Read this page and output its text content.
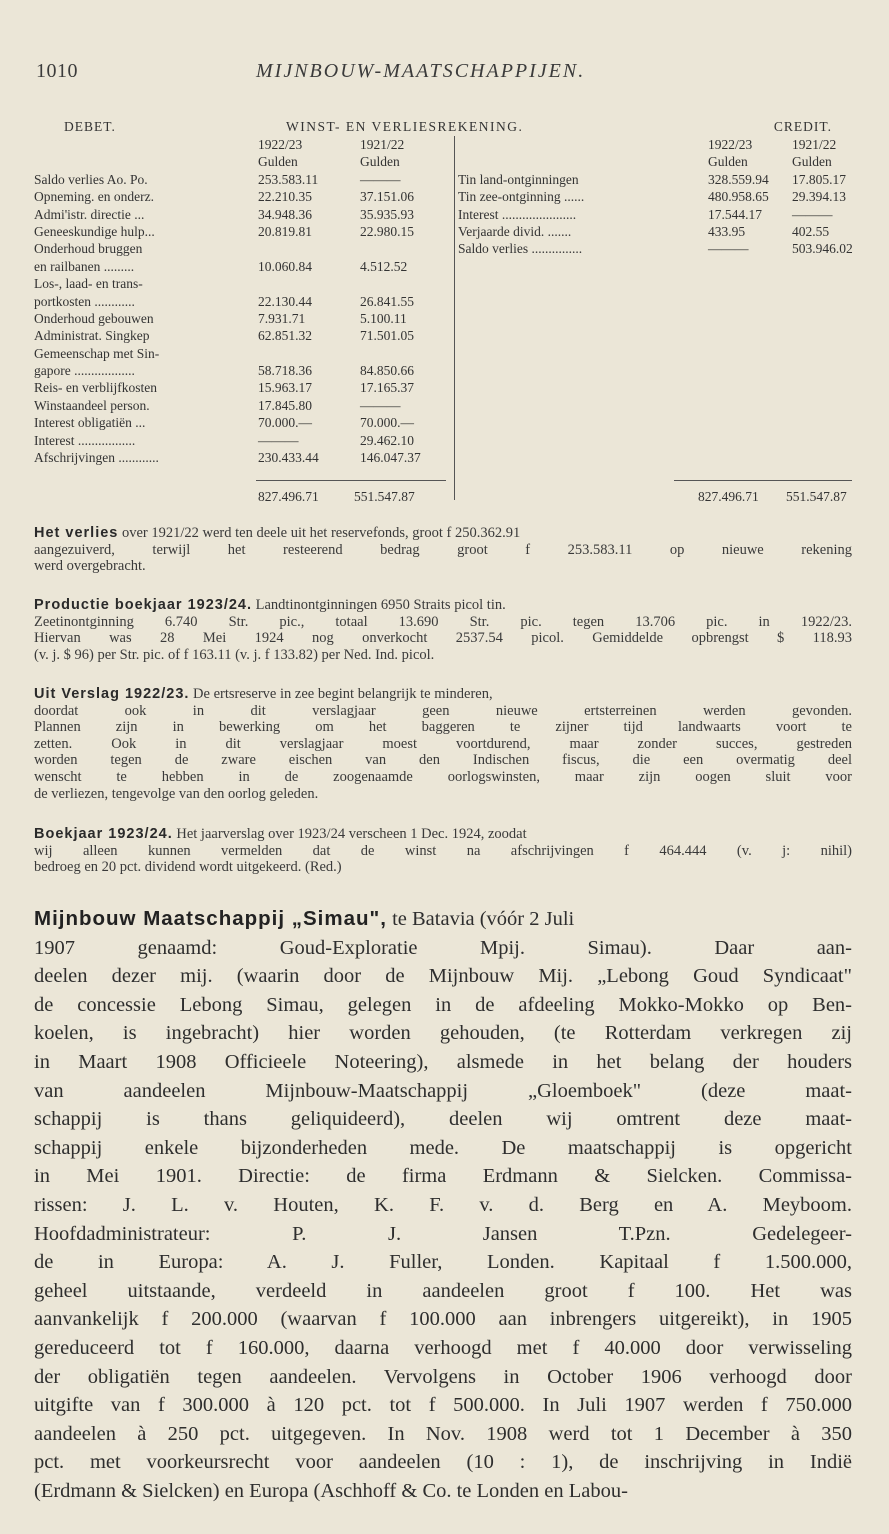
1010	MIJNBOUW-MAATSCHAPPIJEN.
DEBET.	WINST- EN VERLIESREKENING.	CREDIT.
1922/23	1921/22
Gulden	Gulden
Saldo verlies Ao. Po.	253.583.11	———
Opneming. en onderz.	22.210.35	37.151.06
Admi'istr. directie ...	34.948.36	35.935.93
Geneeskundige hulp...	20.819.81	22.980.15
Onderhoud bruggen
en railbanen .........	10.060.84	4.512.52
Los-, laad- en trans-
portkosten ............	22.130.44	26.841.55
Onderhoud gebouwen	7.931.71	5.100.11
Administrat. Singkep	62.851.32	71.501.05
Gemeenschap met Sin-
gapore ..................	58.718.36	84.850.66
Reis- en verblijfkosten	15.963.17	17.165.37
Winstaandeel person.	17.845.80	———
Interest obligatiën ...	70.000.—	70.000.—
Interest .................	———	29.462.10
Afschrijvingen ............	230.433.44	146.047.37
1922/23	1921/22
Gulden	Gulden
Tin land-ontginningen	328.559.94	17.805.17
Tin zee-ontginning ......	480.958.65	29.394.13
Interest ......................	17.544.17	———
Verjaarde divid. .......	433.95	402.55
Saldo verlies ...............	———	503.946.02
827.496.71	551.547.87	827.496.71 551.547.87
Het verlies over 1921/22 werd ten deele uit het reservefonds, groot f 250.362.91
aangezuiverd, terwijl het resteerend bedrag groot f 253.583.11 op nieuwe rekening
werd overgebracht.
Productie boekjaar 1923/24. Landtinontginningen 6950 Straits picol tin.
Zeetinontginning 6.740 Str. pic., totaal 13.690 Str. pic. tegen 13.706 pic. in 1922/23.
Hiervan was 28 Mei 1924 nog onverkocht 2537.54 picol. Gemiddelde opbrengst $ 118.93
(v. j. $ 96) per Str. pic. of f 163.11 (v. j. f 133.82) per Ned. Ind. picol.
Uit Verslag 1922/23. De ertsreserve in zee begint belangrijk te minderen,
doordat ook in dit verslagjaar geen nieuwe ertsterreinen werden gevonden.
Plannen zijn in bewerking om het baggeren te zijner tijd landwaarts voort te
zetten. Ook in dit verslagjaar moest voortdurend, maar zonder succes, gestreden
worden tegen de zware eischen van den Indischen fiscus, die een overmatig deel
wenscht te hebben in de zoogenaamde oorlogswinsten, maar zijn oogen sluit voor
de verliezen, tengevolge van den oorlog geleden.
Boekjaar 1923/24. Het jaarverslag over 1923/24 verscheen 1 Dec. 1924, zoodat
wij alleen kunnen vermelden dat de winst na afschrijvingen f 464.444 (v. j: nihil)
bedroeg en 20 pct. dividend wordt uitgekeerd. (Red.)
Mijnbouw Maatschappij „Simau", te Batavia (vóór 2 Juli
1907 genaamd: Goud-Exploratie Mpij. Simau). Daar aan-
deelen dezer mij. (waarin door de Mijnbouw Mij. „Lebong Goud Syndicaat"
de concessie Lebong Simau, gelegen in de afdeeling Mokko-Mokko op Ben-
koelen, is ingebracht) hier worden gehouden, (te Rotterdam verkregen zij
in Maart 1908 Officieele Noteering), alsmede in het belang der houders
van aandeelen Mijnbouw-Maatschappij „Gloemboek" (deze maat-
schappij is thans geliquideerd), deelen wij omtrent deze maat-
schappij enkele bijzonderheden mede. De maatschappij is opgericht
in Mei 1901. Directie: de firma Erdmann & Sielcken. Commissa-
rissen: J. L. v. Houten, K. F. v. d. Berg en A. Meyboom.
Hoofdadministrateur: P. J. Jansen T.Pzn. Gedelegeer-
de in Europa: A. J. Fuller, Londen. Kapitaal f 1.500.000,
geheel uitstaande, verdeeld in aandeelen groot f 100. Het was
aanvankelijk f 200.000 (waarvan f 100.000 aan inbrengers uitgereikt), in 1905
gereduceerd tot f 160.000, daarna verhoogd met f 40.000 door verwisseling
der obligatiën tegen aandeelen. Vervolgens in October 1906 verhoogd door
uitgifte van f 300.000 à 120 pct. tot f 500.000. In Juli 1907 werden f 750.000
aandeelen à 250 pct. uitgegeven. In Nov. 1908 werd tot 1 December à 350
pct. met voorkeursrecht voor aandeelen (10 : 1), de inschrijving in Indië
(Erdmann & Sielcken) en Europa (Aschhoff & Co. te Londen en Labou-
